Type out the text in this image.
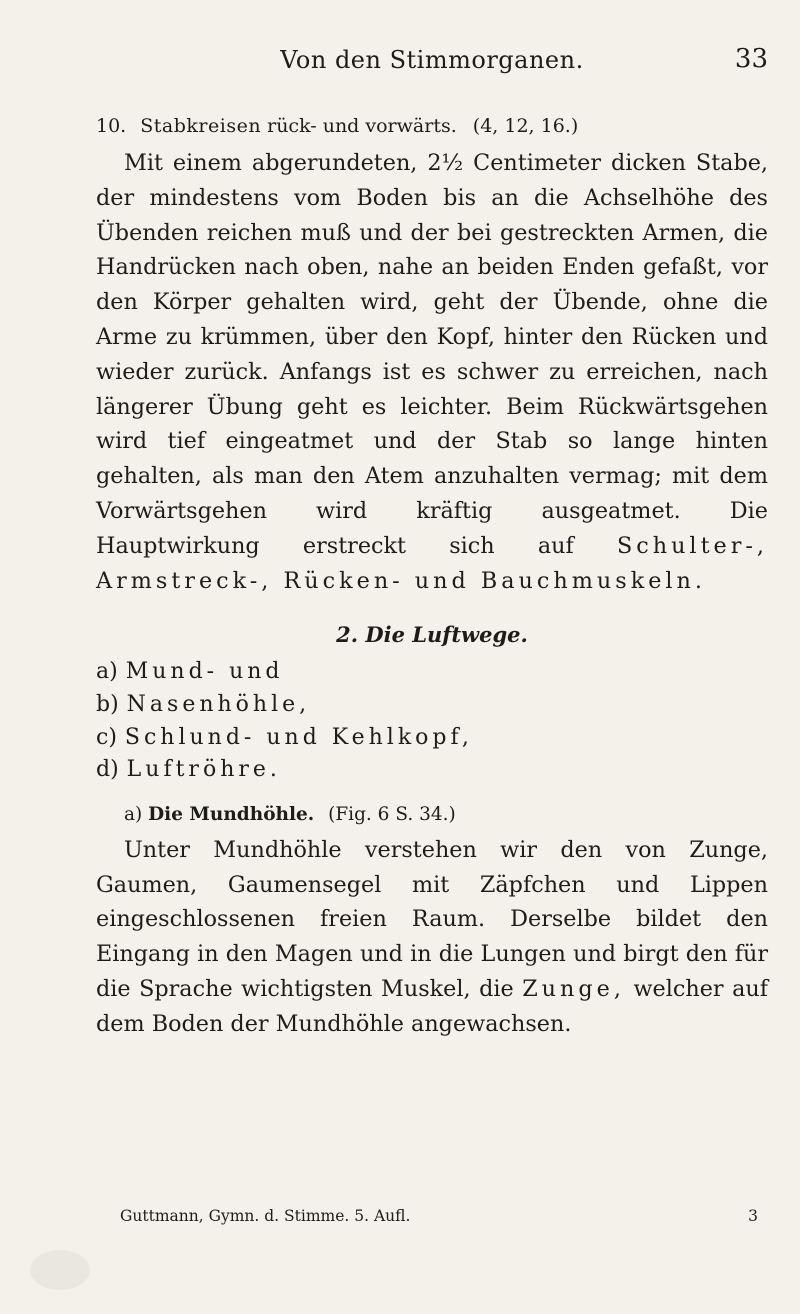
Von den Stimmorganen.	33
10. Stabkreisen rück- und vorwärts. (4, 12, 16.)

Mit einem abgerundeten, 2½ Centimeter dicken Stabe, der mindestens vom Boden bis an die Achselhöhe des Übenden reichen muß und der bei gestreckten Armen, die Handrücken nach oben, nahe an beiden Enden gefaßt, vor den Körper gehalten wird, geht der Übende, ohne die Arme zu krümmen, über den Kopf, hinter den Rücken und wieder zurück. Anfangs ist es schwer zu erreichen, nach längerer Übung geht es leichter. Beim Rückwärtsgehen wird tief eingeatmet und der Stab so lange hinten gehalten, als man den Atem anzuhalten vermag; mit dem Vorwärtsgehen wird kräftig ausgeatmet. Die Hauptwirkung erstreckt sich auf Schulter-, Armstreck-, Rücken- und Bauchmuskeln.

2. Die Luftwege.
a) Mund- und
b) Nasenhöhle,
c) Schlund- und Kehlkopf,
d) Luftröhre.
a) Die Mundhöhle. (Fig. 6 S. 34.)

Unter Mundhöhle verstehen wir den von Zunge, Gaumen, Gaumensegel mit Zäpfchen und Lippen eingeschlossenen freien Raum. Derselbe bildet den Eingang in den Magen und in die Lungen und birgt den für die Sprache wichtigsten Muskel, die Zunge, welcher auf dem Boden der Mundhöhle angewachsen.

Guttmann, Gymn. d. Stimme. 5. Aufl.	3
